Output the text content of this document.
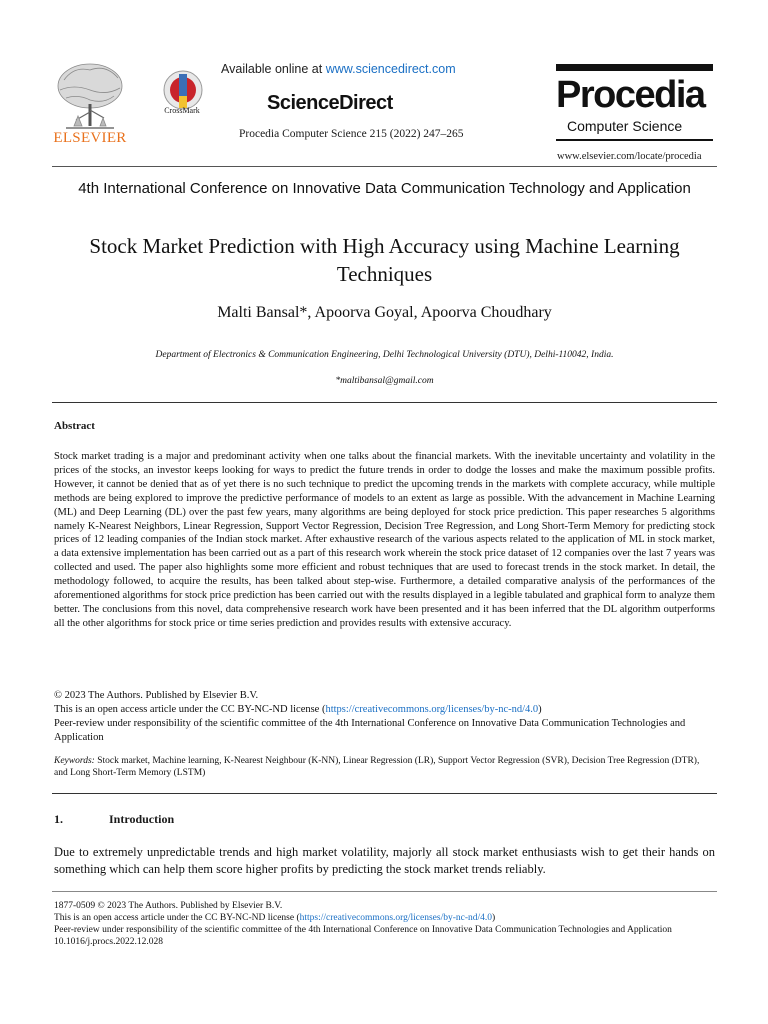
ELSEVIER
CrossMark
Available online at www.sciencedirect.com
ScienceDirect
Procedia Computer Science 215 (2022) 247–265
Procedia
Computer Science
www.elsevier.com/locate/procedia
4th International Conference on Innovative Data Communication Technology and Application
Stock Market Prediction with High Accuracy using Machine Learning Techniques
Malti Bansal*, Apoorva Goyal, Apoorva Choudhary
Department of Electronics & Communication Engineering, Delhi Technological University (DTU), Delhi-110042, India.
*maltibansal@gmail.com
Abstract
Stock market trading is a major and predominant activity when one talks about the financial markets. With the inevitable uncertainty and volatility in the prices of the stocks, an investor keeps looking for ways to predict the future trends in order to dodge the losses and make the maximum possible profits. However, it cannot be denied that as of yet there is no such technique to predict the upcoming trends in the markets with complete accuracy, while multiple methods are being explored to improve the predictive performance of models to an extent as large as possible. With the advancement in Machine Learning (ML) and Deep Learning (DL) over the past few years, many algorithms are being deployed for stock price prediction. This paper researches 5 algorithms namely K-Nearest Neighbors, Linear Regression, Support Vector Regression, Decision Tree Regression, and Long Short-Term Memory for predicting stock prices of 12 leading companies of the Indian stock market. After exhaustive research of the various aspects related to the application of ML in stock market, a data extensive implementation has been carried out as a part of this research work wherein the stock price dataset of 12 companies over the last 7 years was collected and used. The paper also highlights some more efficient and robust techniques that are used to forecast trends in the stock market. In detail, the methodology followed, to acquire the results, has been talked about step-wise. Furthermore, a detailed comparative analysis of the performances of the aforementioned algorithms for stock price prediction has been carried out with the results displayed in a legible tabulated and graphical form to analyze them better. The conclusions from this novel, data comprehensive research work have been presented and it has been inferred that the DL algorithm outperforms all the other algorithms for stock price or time series prediction and provides results with extensive accuracy.
© 2023 The Authors. Published by Elsevier B.V.
This is an open access article under the CC BY-NC-ND license (https://creativecommons.org/licenses/by-nc-nd/4.0)
Peer-review under responsibility of the scientific committee of the 4th International Conference on Innovative Data Communication Technologies and Application
Keywords: Stock market, Machine learning, K-Nearest Neighbour (K-NN), Linear Regression (LR), Support Vector Regression (SVR), Decision Tree Regression (DTR), and Long Short-Term Memory (LSTM)
1.	Introduction
Due to extremely unpredictable trends and high market volatility, majorly all stock market enthusiasts wish to get their hands on something which can help them score higher profits by predicting the stock market trends reliably.
1877-0509 © 2023 The Authors. Published by Elsevier B.V.
This is an open access article under the CC BY-NC-ND license (https://creativecommons.org/licenses/by-nc-nd/4.0)
Peer-review under responsibility of the scientific committee of the 4th International Conference on Innovative Data Communication Technologies and Application
10.1016/j.procs.2022.12.028
